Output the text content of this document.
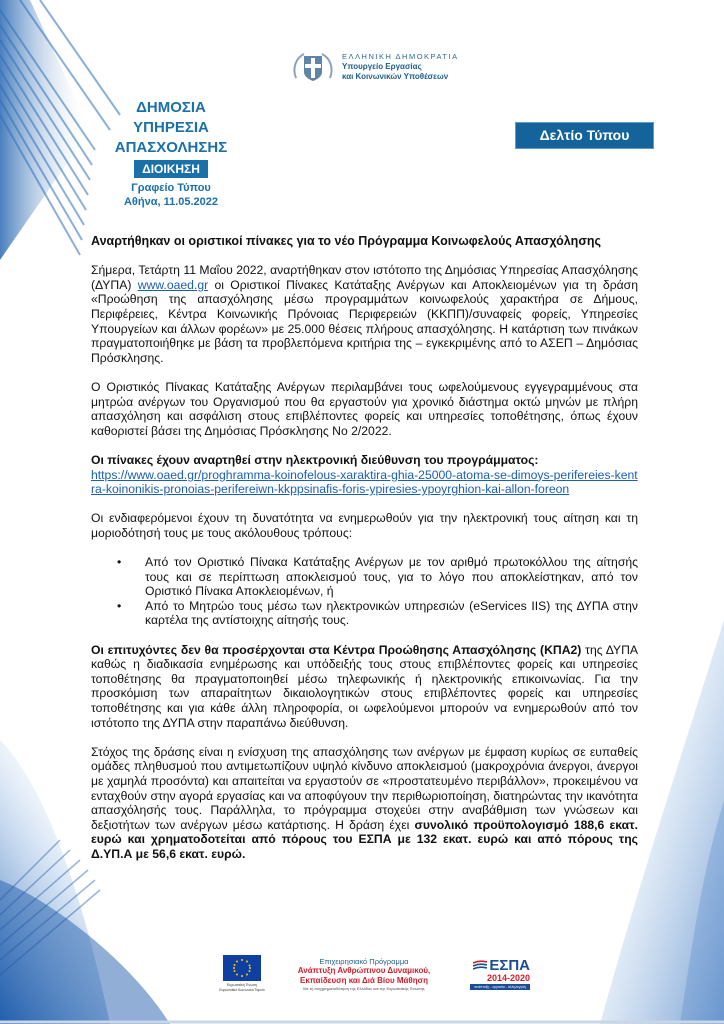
ΕΛΛΗΝΙΚΗ ΔΗΜΟΚΡΑΤΙΑ
Υπουργείο Εργασίας
και Κοινωνικών Υποθέσεων
ΔΗΜΟΣΙΑ
ΥΠΗΡΕΣΙΑ
ΑΠΑΣΧΟΛΗΣΗΣ
ΔΙΟΙΚΗΣΗ
Γραφείο Τύπου
Αθήνα, 11.05.2022
Δελτίο Τύπου

Αναρτήθηκαν οι οριστικοί πίνακες για το νέο Πρόγραμμα Κοινωφελούς Απασχόλησης

Σήμερα, Τετάρτη 11 Μαΐου 2022, αναρτήθηκαν στον ιστότοπο της Δημόσιας Υπηρεσίας Απασχόλησης (ΔΥΠΑ) www.oaed.gr οι Οριστικοί Πίνακες Κατάταξης Ανέργων και Αποκλειομένων για τη δράση «Προώθηση της απασχόλησης μέσω προγραμμάτων κοινωφελούς χαρακτήρα σε Δήμους, Περιφέρειες, Κέντρα Κοινωνικής Πρόνοιας Περιφερειών (ΚΚΠΠ)/συναφείς φορείς, Υπηρεσίες Υπουργείων και άλλων φορέων» με 25.000 θέσεις πλήρους απασχόλησης. Η κατάρτιση των πινάκων πραγματοποιήθηκε με βάση τα προβλεπόμενα κριτήρια της – εγκεκριμένης από το ΑΣΕΠ – Δημόσιας Πρόσκλησης.

Ο Οριστικός Πίνακας Κατάταξης Ανέργων περιλαμβάνει τους ωφελούμενους εγγεγραμμένους στα μητρώα ανέργων του Οργανισμού που θα εργαστούν για χρονικό διάστημα οκτώ μηνών με πλήρη απασχόληση και ασφάλιση στους επιβλέποντες φορείς και υπηρεσίες τοποθέτησης, όπως έχουν καθοριστεί βάσει της Δημόσιας Πρόσκλησης Νο 2/2022.

Οι πίνακες έχουν αναρτηθεί στην ηλεκτρονική διεύθυνση του προγράμματος:
https://www.oaed.gr/proghramma-koinofelous-xaraktira-ghia-25000-atoma-se-dimoys-perifereies-kentra-koinonikis-pronoias-perifereiwn-kkppsinafis-foris-ypiresies-ypoyrghion-kai-allon-foreon

Οι ενδιαφερόμενοι έχουν τη δυνατότητα να ενημερωθούν για την ηλεκτρονική τους αίτηση και τη μοριοδότησή τους με τους ακόλουθους τρόπους:

• Από τον Οριστικό Πίνακα Κατάταξης Ανέργων με τον αριθμό πρωτοκόλλου της αίτησής τους και σε περίπτωση αποκλεισμού τους, για το λόγο που αποκλείστηκαν, από τον Οριστικό Πίνακα Αποκλειομένων, ή
• Από το Μητρώο τους μέσω των ηλεκτρονικών υπηρεσιών (eServices IIS) της ΔΥΠΑ στην καρτέλα της αντίστοιχης αίτησής τους.

Οι επιτυχόντες δεν θα προσέρχονται στα Κέντρα Προώθησης Απασχόλησης (ΚΠΑ2) της ΔΥΠΑ καθώς η διαδικασία ενημέρωσης και υπόδειξής τους στους επιβλέποντες φορείς και υπηρεσίες τοποθέτησης θα πραγματοποιηθεί μέσω τηλεφωνικής ή ηλεκτρονικής επικοινωνίας. Για την προσκόμιση των απαραίτητων δικαιολογητικών στους επιβλέποντες φορείς και υπηρεσίες τοποθέτησης και για κάθε άλλη πληροφορία, οι ωφελούμενοι μπορούν να ενημερωθούν από τον ιστότοπο της ΔΥΠΑ στην παραπάνω διεύθυνση.

Στόχος της δράσης είναι η ενίσχυση της απασχόλησης των ανέργων με έμφαση κυρίως σε ευπαθείς ομάδες πληθυσμού που αντιμετωπίζουν υψηλό κίνδυνο αποκλεισμού (μακροχρόνια άνεργοι, άνεργοι με χαμηλά προσόντα) και απαιτείται να εργαστούν σε «προστατευμένο περιβάλλον», προκειμένου να ενταχθούν στην αγορά εργασίας και να αποφύγουν την περιθωριοποίηση, διατηρώντας την ικανότητα απασχόλησής τους. Παράλληλα, το πρόγραμμα στοχεύει στην αναβάθμιση των γνώσεων και δεξιοτήτων των ανέργων μέσω κατάρτισης. Η δράση έχει συνολικό προϋπολογισμό 188,6 εκατ. ευρώ και χρηματοδοτείται από πόρους του ΕΣΠΑ με 132 εκατ. ευρώ και από πόρους της Δ.ΥΠ.Α με 56,6 εκατ. ευρώ.

Ευρωπαϊκή Ένωση
Ευρωπαϊκό Κοινωνικό Ταμείο
Επιχειρησιακό Πρόγραμμα
Ανάπτυξη Ανθρώπινου Δυναμικού,
Εκπαίδευση και Διά Βίου Μάθηση
Με τη συγχρηματοδότηση της Ελλάδας και της Ευρωπαϊκής Ένωσης
ΕΣΠΑ
2014-2020
ανάπτυξη - εργασία - αλληλεγγύη
